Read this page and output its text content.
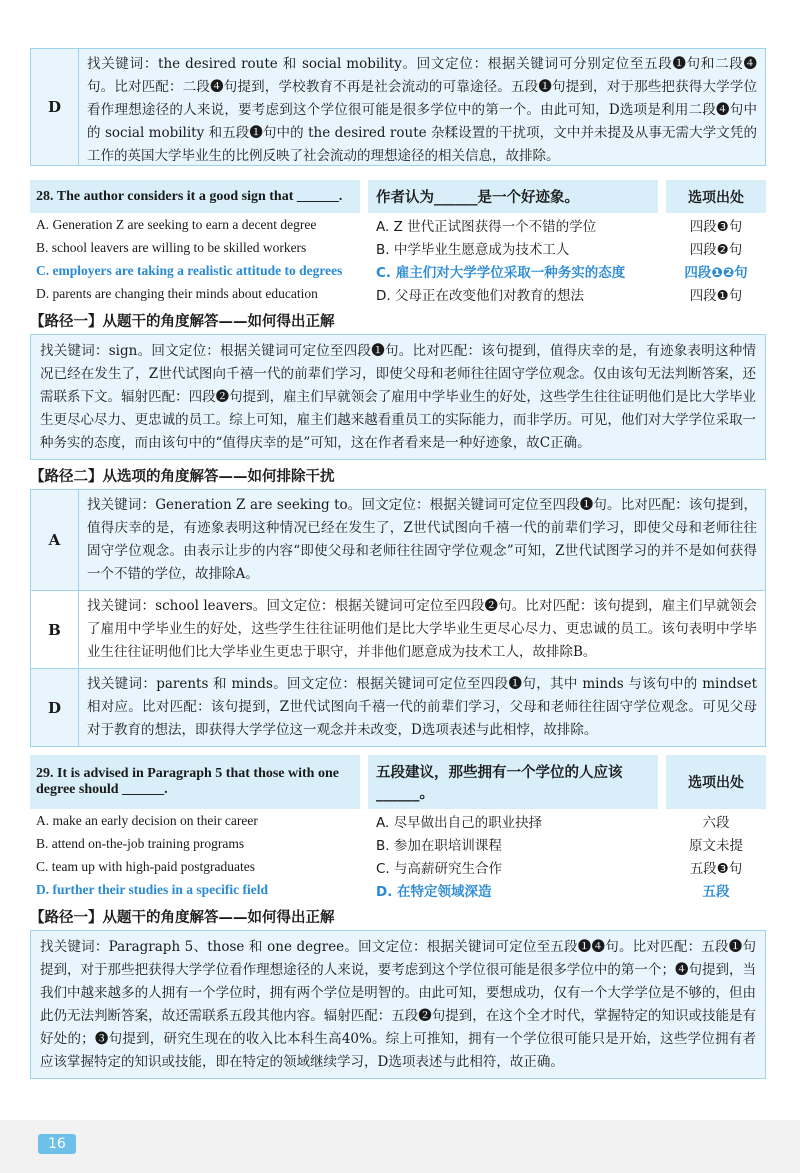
D
找关键词：the desired route 和 social mobility。回文定位：根据关键词可分别定位至五段❶句和二段❹句。比对匹配：二段❹句提到，学校教育不再是社会流动的可靠途径。五段❶句提到，对于那些把获得大学学位看作理想途径的人来说，要考虑到这个学位很可能是很多学位中的第一个。由此可知，D选项是利用二段❹句中的 social mobility 和五段❶句中的 the desired route 杂糅设置的干扰项，文中并未提及从事无需大学文凭的工作的英国大学毕业生的比例反映了社会流动的理想途径的相关信息，故排除。
28. The author considers it a good sign that ______.		作者认为______是一个好迹象。		选项出处
A. Generation Z are seeking to earn a decent degree		A. Z 世代正试图获得一个不错的学位		四段❸句
B. school leavers are willing to be skilled workers		B. 中学毕业生愿意成为技术工人		四段❷句
C. employers are taking a realistic attitude to degrees		C. 雇主们对大学学位采取一种务实的态度		四段❶❷句
D. parents are changing their minds about education		D. 父母正在改变他们对教育的想法		四段❶句
【路径一】从题干的角度解答——如何得出正解
找关键词：sign。回文定位：根据关键词可定位至四段❶句。比对匹配：该句提到，值得庆幸的是，有迹象表明这种情况已经在发生了，Z世代试图向千禧一代的前辈们学习，即使父母和老师往往固守学位观念。仅由该句无法判断答案，还需联系下文。辐射匹配：四段❷句提到，雇主们早就领会了雇用中学毕业生的好处，这些学生往往证明他们是比大学毕业生更尽心尽力、更忠诚的员工。综上可知，雇主们越来越看重员工的实际能力，而非学历。可见，他们对大学学位采取一种务实的态度，而由该句中的“值得庆幸的是”可知，这在作者看来是一种好迹象，故C正确。
【路径二】从选项的角度解答——如何排除干扰
A
找关键词：Generation Z are seeking to。回文定位：根据关键词可定位至四段❶句。比对匹配：该句提到，值得庆幸的是，有迹象表明这种情况已经在发生了，Z世代试图向千禧一代的前辈们学习，即使父母和老师往往固守学位观念。由表示让步的内容“即使父母和老师往往固守学位观念”可知，Z世代试图学习的并不是如何获得一个不错的学位，故排除A。
B
找关键词：school leavers。回文定位：根据关键词可定位至四段❷句。比对匹配：该句提到，雇主们早就领会了雇用中学毕业生的好处，这些学生往往证明他们是比大学毕业生更尽心尽力、更忠诚的员工。该句表明中学毕业生往往证明他们比大学毕业生更忠于职守，并非他们愿意成为技术工人，故排除B。
D
找关键词：parents 和 minds。回文定位：根据关键词可定位至四段❶句，其中 minds 与该句中的 mindset 相对应。比对匹配：该句提到，Z世代试图向千禧一代的前辈们学习，父母和老师往往固守学位观念。可见父母对于教育的想法，即获得大学学位这一观念并未改变，D选项表述与此相悖，故排除。
29. It is advised in Paragraph 5 that those with one degree should ______.		五段建议，那些拥有一个学位的人应该______。		选项出处
A. make an early decision on their career		A. 尽早做出自己的职业抉择		六段
B. attend on-the-job training programs		B. 参加在职培训课程		原文未提
C. team up with high-paid postgraduates		C. 与高薪研究生合作		五段❸句
D. further their studies in a specific field		D. 在特定领域深造		五段
【路径一】从题干的角度解答——如何得出正解
找关键词：Paragraph 5、those 和 one degree。回文定位：根据关键词可定位至五段❶❹句。比对匹配：五段❶句提到，对于那些把获得大学学位看作理想途径的人来说，要考虑到这个学位很可能是很多学位中的第一个；❹句提到，当我们中越来越多的人拥有一个学位时，拥有两个学位是明智的。由此可知，要想成功，仅有一个大学学位是不够的，但由此仍无法判断答案，故还需联系五段其他内容。辐射匹配：五段❷句提到，在这个全才时代，掌握特定的知识或技能是有好处的；❸句提到，研究生现在的收入比本科生高40%。综上可推知，拥有一个学位很可能只是开始，这些学位拥有者应该掌握特定的知识或技能，即在特定的领域继续学习，D选项表述与此相符，故正确。
16
